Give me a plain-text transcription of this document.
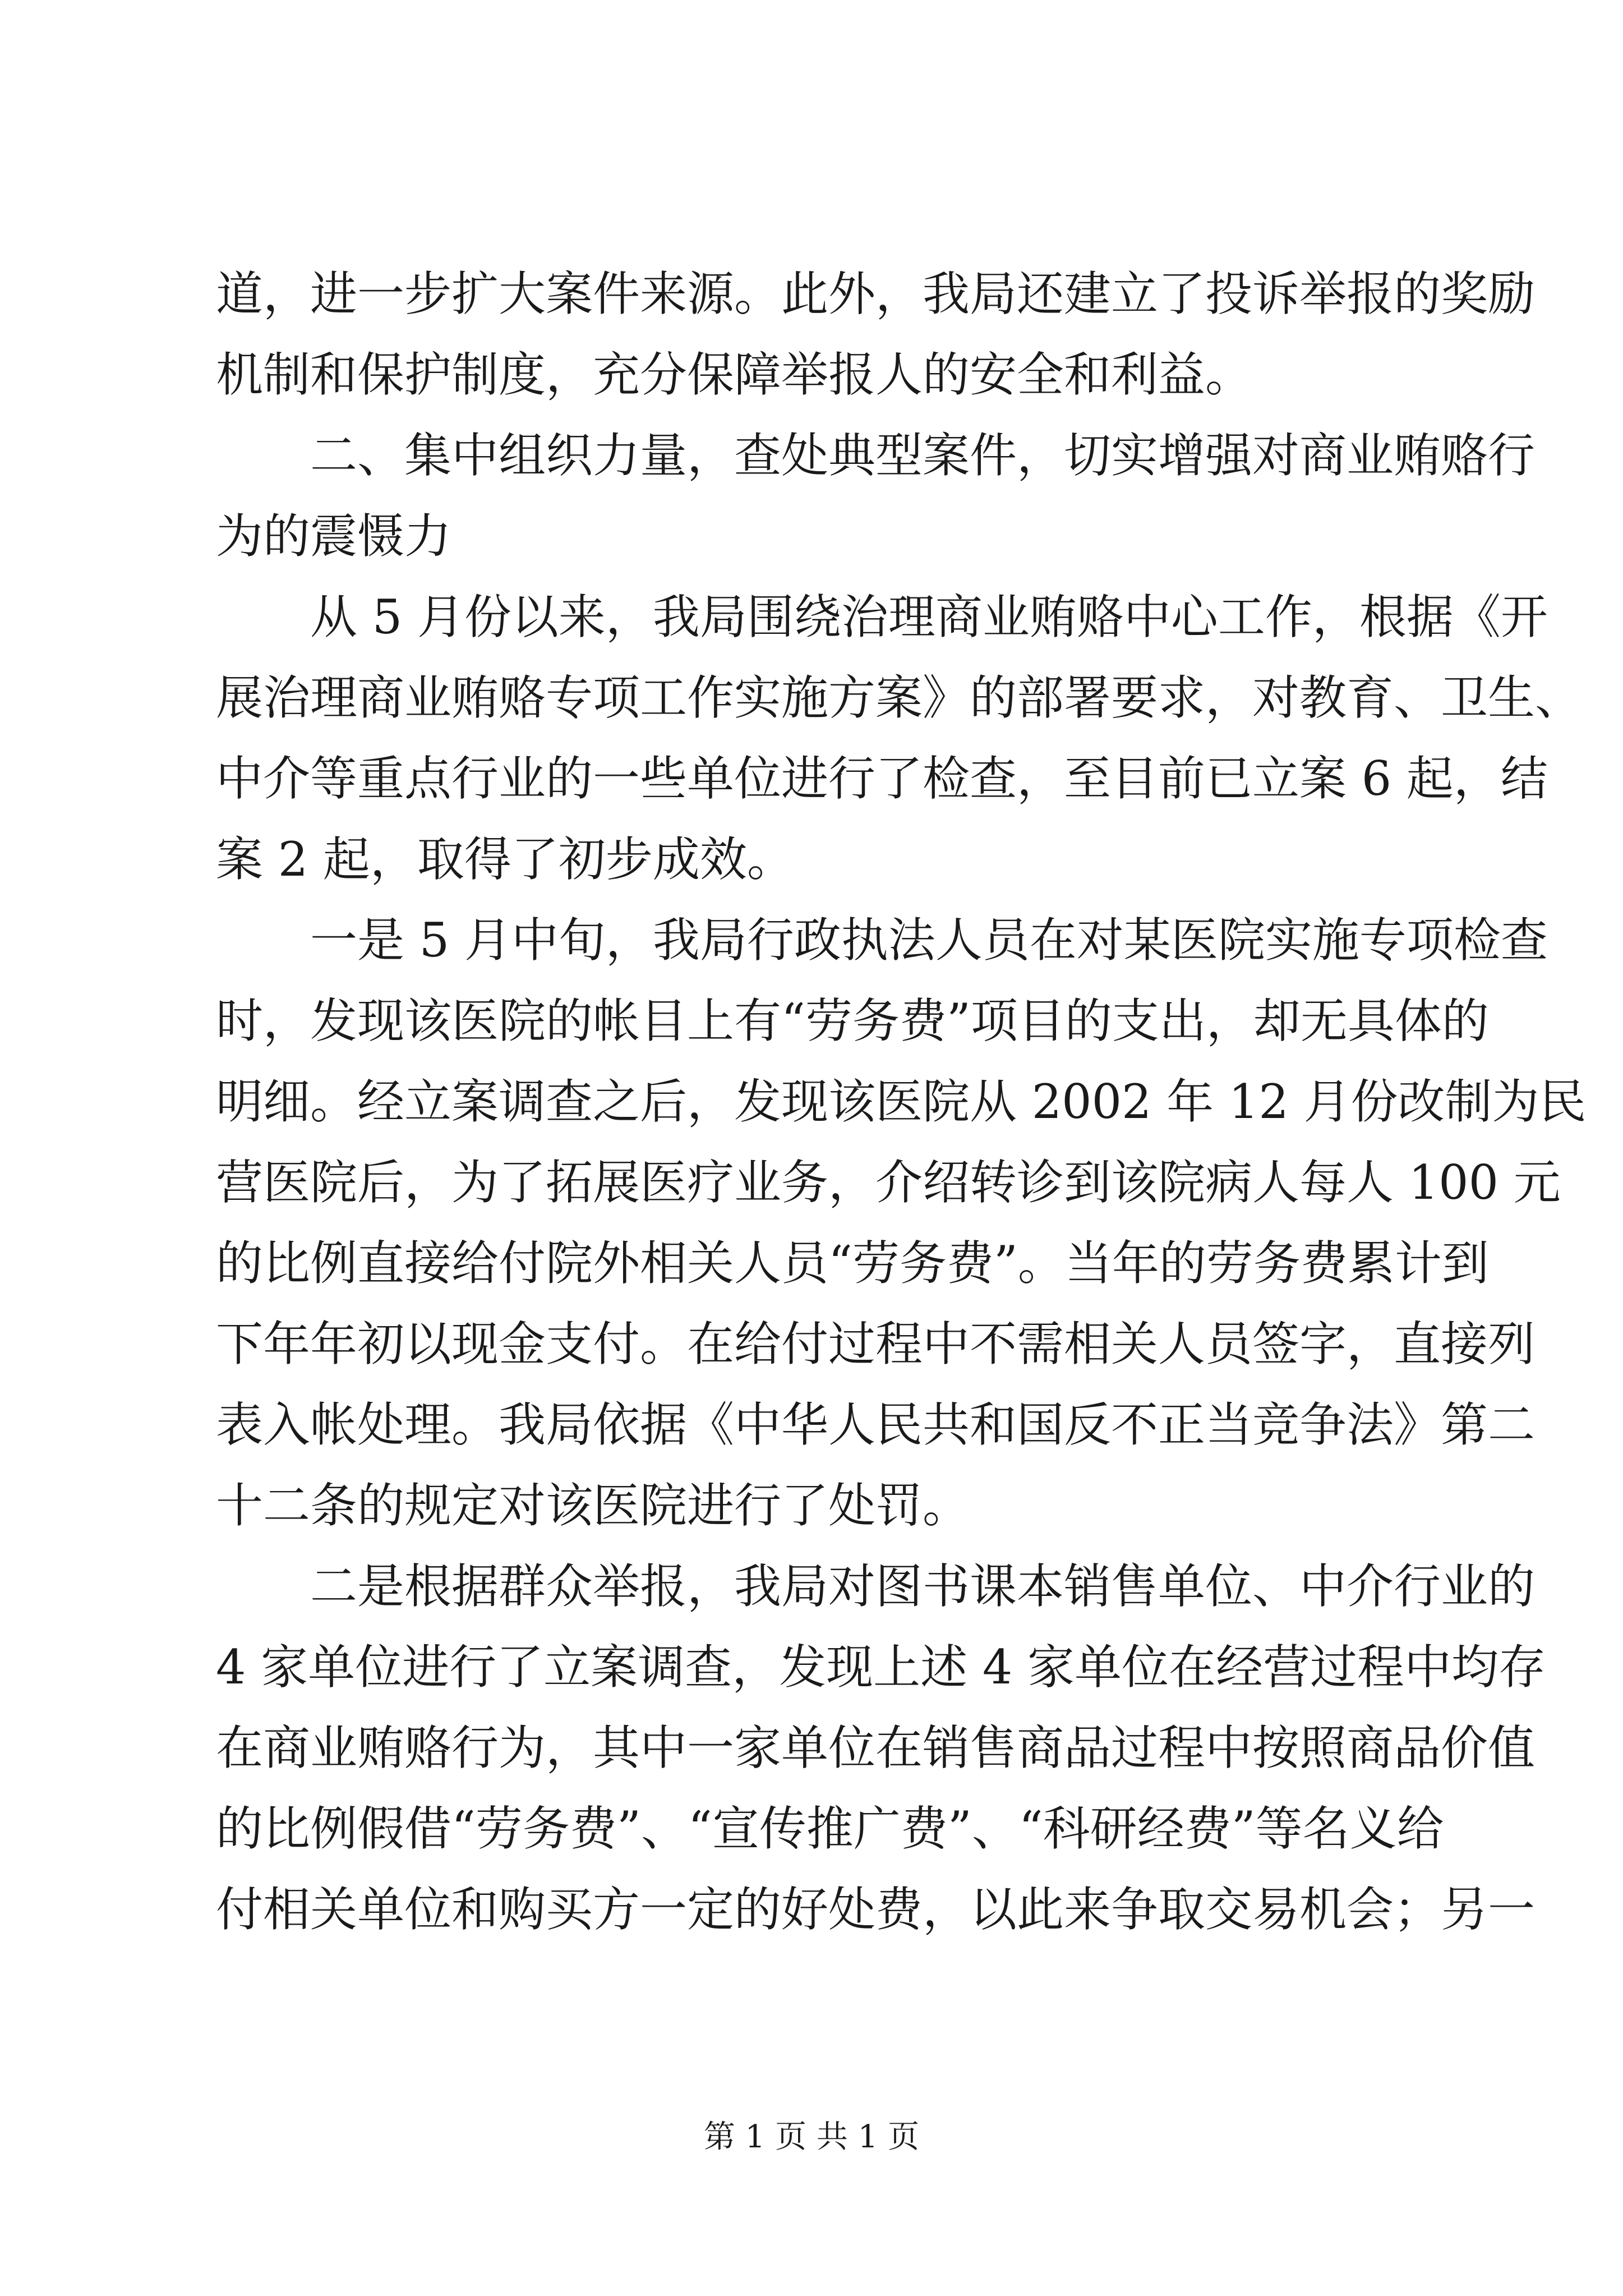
道，进一步扩大案件来源。此外，我局还建立了投诉举报的奖励
机制和保护制度，充分保障举报人的安全和利益。
二、集中组织力量，查处典型案件，切实增强对商业贿赂行
为的震慑力
从 5 月份以来，我局围绕治理商业贿赂中心工作，根据《开
展治理商业贿赂专项工作实施方案》的部署要求，对教育、卫生、
中介等重点行业的一些单位进行了检查，至目前已立案 6 起，结
案 2 起，取得了初步成效。
一是 5 月中旬，我局行政执法人员在对某医院实施专项检查
时，发现该医院的帐目上有“劳务费”项目的支出，却无具体的
明细。经立案调查之后，发现该医院从 2002 年 12 月份改制为民
营医院后，为了拓展医疗业务，介绍转诊到该院病人每人 100 元
的比例直接给付院外相关人员“劳务费”。当年的劳务费累计到
下年年初以现金支付。在给付过程中不需相关人员签字，直接列
表入帐处理。我局依据《中华人民共和国反不正当竞争法》第二
十二条的规定对该医院进行了处罚。
二是根据群众举报，我局对图书课本销售单位、中介行业的
4 家单位进行了立案调查，发现上述 4 家单位在经营过程中均存
在商业贿赂行为，其中一家单位在销售商品过程中按照商品价值
的比例假借“劳务费”、“宣传推广费”、“科研经费”等名义给
付相关单位和购买方一定的好处费，以此来争取交易机会；另一
第 1 页 共 1 页
